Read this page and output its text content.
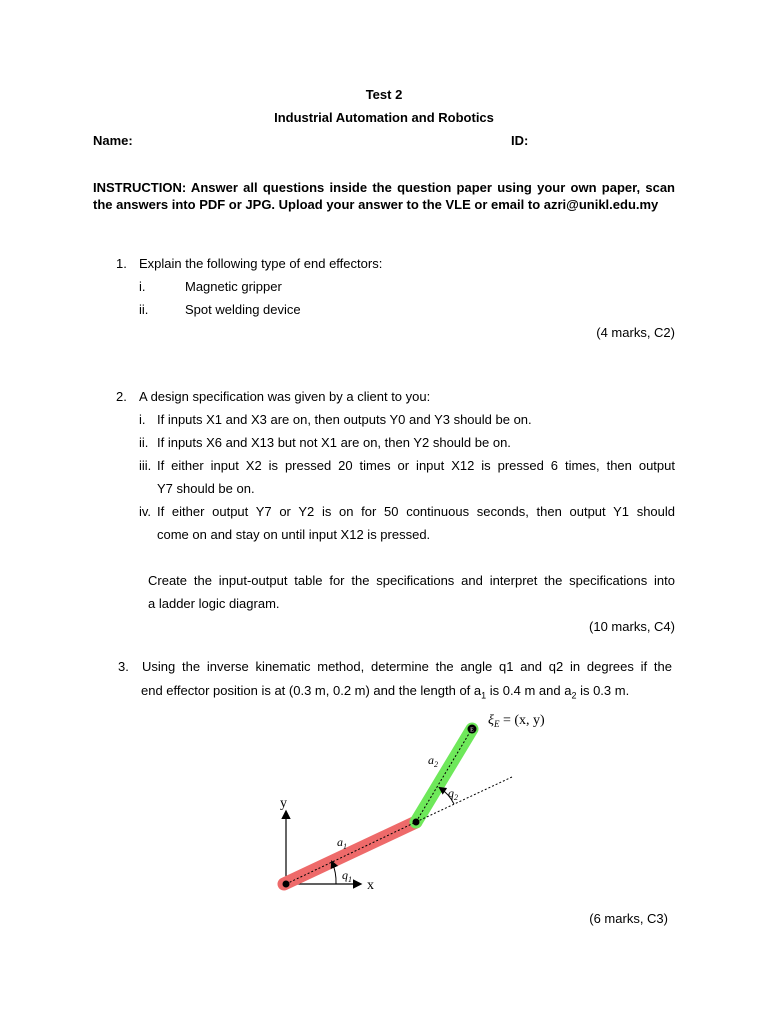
Test 2
Industrial Automation and Robotics
Name:	ID:
INSTRUCTION: Answer all questions inside the question paper using your own paper, scan the answers into PDF or JPG. Upload your answer to the VLE or email to azri@unikl.edu.my
1. Explain the following type of end effectors:
i.	Magnetic gripper
ii.	Spot welding device
(4 marks, C2)
2. A design specification was given by a client to you:
i. If inputs X1 and X3 are on, then outputs Y0 and Y3 should be on.
ii. If inputs X6 and X13 but not X1 are on, then Y2 should be on.
iii. If either input X2 is pressed 20 times or input X12 is pressed 6 times, then output
Y7 should be on.
iv. If either output Y7 or Y2 is on for 50 continuous seconds, then output Y1 should
come on and stay on until input X12 is pressed.
Create the input-output table for the specifications and interpret the specifications into
a ladder logic diagram.
(10 marks, C4)
3. Using the inverse kinematic method, determine the angle q1 and q2 in degrees if the
end effector position is at (0.3 m, 0.2 m) and the length of $a_1$ is 0.4 m and $a_2$ is 0.3 m.
y
x
E
$a_1$
$q_1$
$a_2$
$q_2$
$\xi_E = (x$, y)
(6 marks, C3)
